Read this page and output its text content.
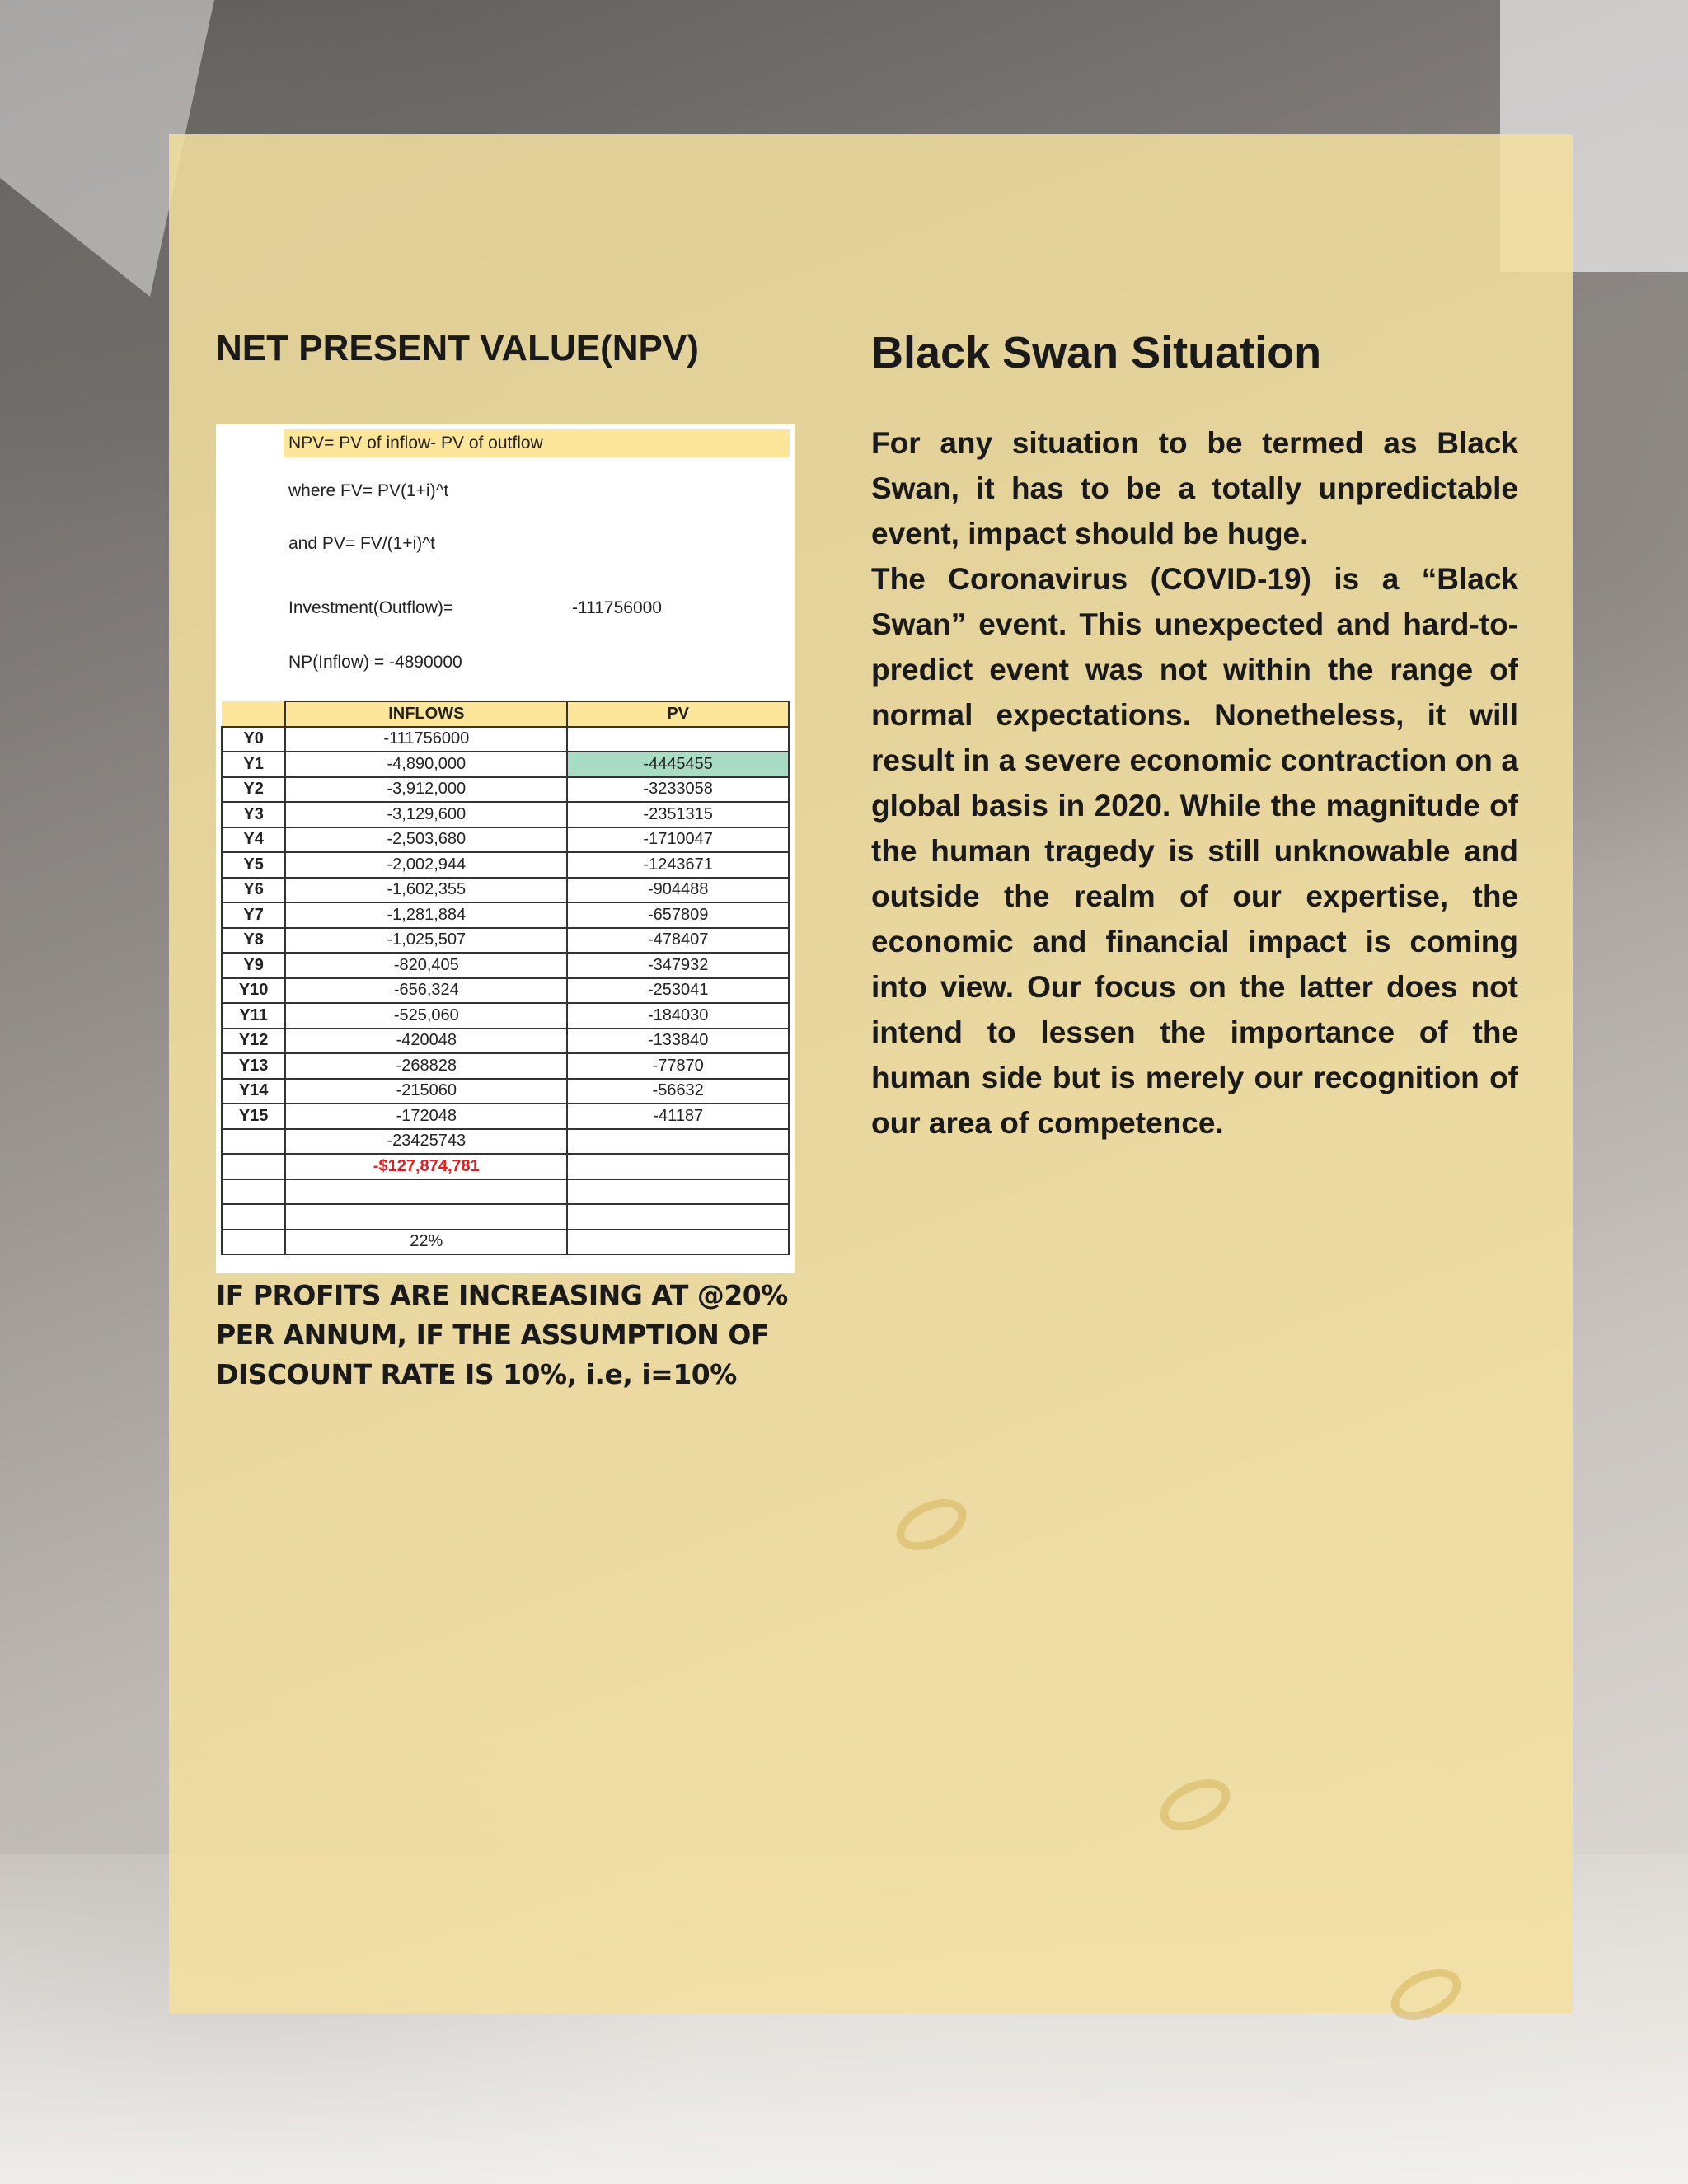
NET PRESENT VALUE(NPV)
NPV= PV of inflow- PV of outflow
where FV= PV(1+i)^t
and PV= FV/(1+i)^t
Investment(Outflow)=	-111756000
NP(Inflow) = -4890000
	INFLOWS	PV
Y0	-111756000	
Y1	-4,890,000	-4445455
Y2	-3,912,000	-3233058
Y3	-3,129,600	-2351315
Y4	-2,503,680	-1710047
Y5	-2,002,944	-1243671
Y6	-1,602,355	-904488
Y7	-1,281,884	-657809
Y8	-1,025,507	-478407
Y9	-820,405	-347932
Y10	-656,324	-253041
Y11	-525,060	-184030
Y12	-420048	-133840
Y13	-268828	-77870
Y14	-215060	-56632
Y15	-172048	-41187
	-23425743	
	-$127,874,781	

	22%	

IF PROFITS ARE INCREASING AT @20% PER ANNUM, IF THE ASSUMPTION OF DISCOUNT RATE IS 10%, i.e, i=10%

Black Swan Situation

For any situation to be termed as Black Swan, it has to be a totally unpredictable event, impact should be huge.

The Coronavirus (COVID-19) is a “Black Swan” event. This unexpected and hard-to-predict event was not within the range of normal expectations. Nonetheless, it will result in a severe economic contraction on a global basis in 2020. While the magnitude of the human tragedy is still unknowable and outside the realm of our expertise, the economic and financial impact is coming into view. Our focus on the latter does not intend to lessen the importance of the human side but is merely our recognition of our area of competence.
